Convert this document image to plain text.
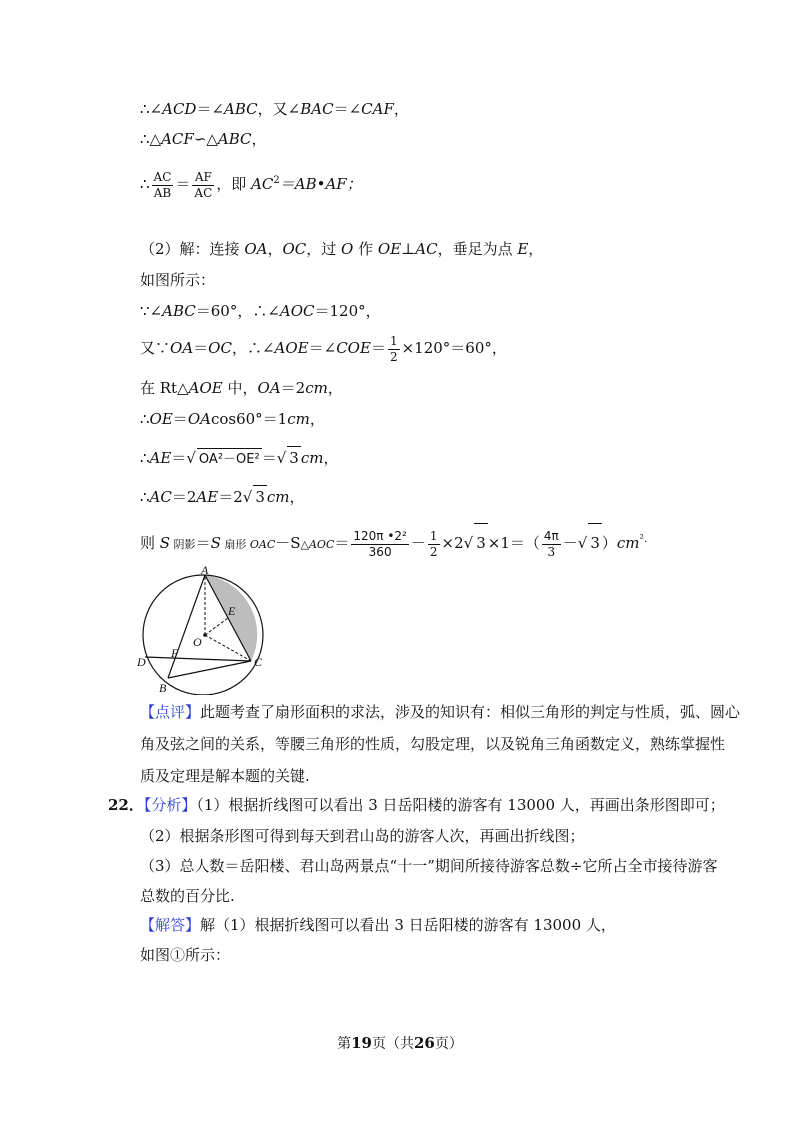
∴∠ACD＝∠ABC，又∠BAC＝∠CAF，
∴△ACF∽△ABC，
∴ $\frac{AC}{AB} = \frac{AF}{AC}$ ，即 $AC^2=AB•AF$；
（2）解：连接 OA，OC，过 O 作 OE⊥AC，垂足为点 E，
如图所示：
∵∠ABC＝60°，∴∠AOC＝120°，
又∵OA＝OC，∴∠AOE＝∠COE＝ $\frac{1}{2} \times 120^\circ=60^\circ$，
在 Rt△AOE 中，OA＝2cm，
∴OE＝OAcos60°＝1cm，
∴AE＝√ OA²－OE² ＝√ 3 cm，
∴AC＝2AE＝2√ 3 cm，
则 S 阴影＝S 扇形 OAC－S△AOC＝ $\frac{\text{120π •2²}}{360} - \frac{1}{2} \times 2√$ $3 \times 1=( \frac{4\pi}{3}$ －√ 3 ）$cm^{^2.}$
A
B
C
D
E
F
O
【点评】此题考查了扇形面积的求法，涉及的知识有：相似三角形的判定与性质，弧、圆心
角及弦之间的关系，等腰三角形的性质，勾股定理，以及锐角三角函数定义，熟练掌握性
质及定理是解本题的关键.
22．【分析】（1）根据折线图可以看出 3 日岳阳楼的游客有 13000 人，再画出条形图即可；
（2）根据条形图可得到每天到君山岛的游客人次，再画出折线图；
（3）总人数＝岳阳楼、君山岛两景点“十一”期间所接待游客总数÷它所占全市接待游客
总数的百分比.
【解答】解（1）根据折线图可以看出 3 日岳阳楼的游客有 13000 人，
如图①所示：
第19页（共26页）
